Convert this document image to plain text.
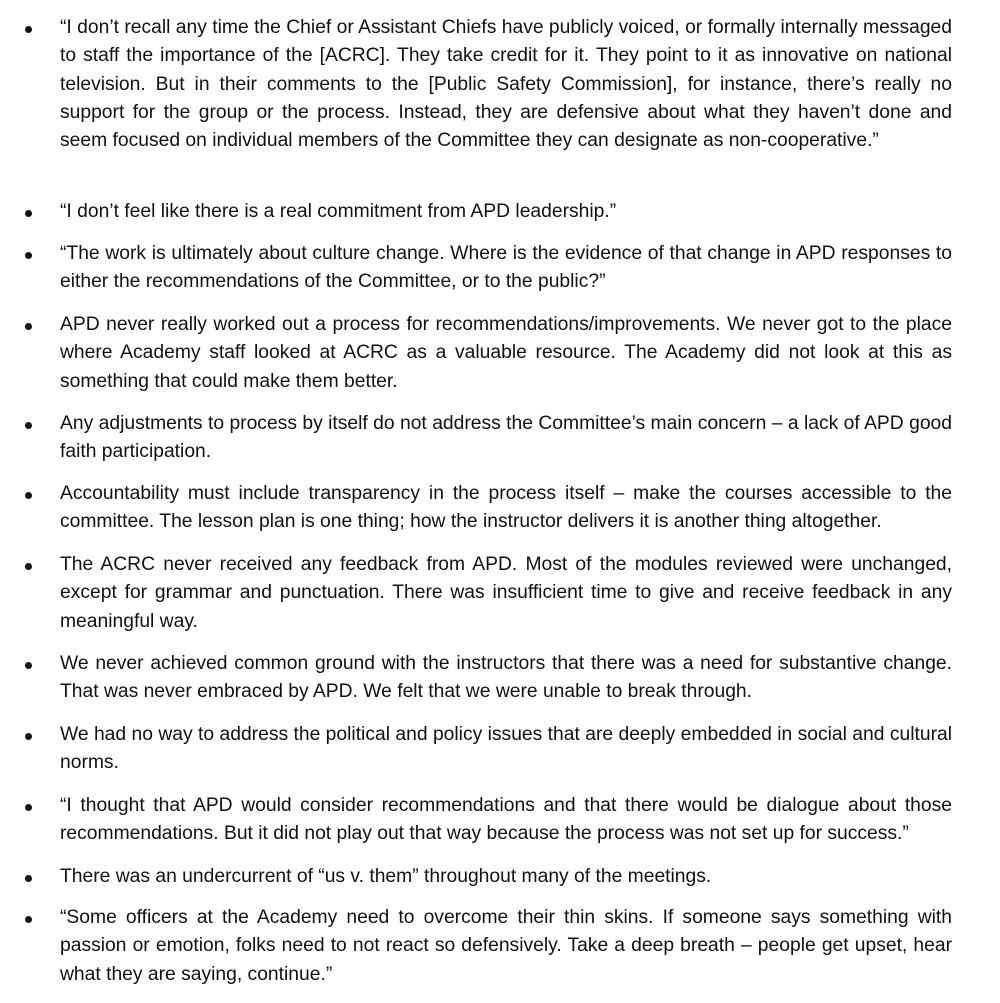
“I don’t recall any time the Chief or Assistant Chiefs have publicly voiced, or formally internally messaged to staff the importance of the [ACRC]. They take credit for it. They point to it as innovative on national television. But in their comments to the [Public Safety Commission], for instance, there’s really no support for the group or the process. Instead, they are defensive about what they haven’t done and seem focused on individual members of the Committee they can designate as non-cooperative.”

“I don’t feel like there is a real commitment from APD leadership.”

“The work is ultimately about culture change. Where is the evidence of that change in APD responses to either the recommendations of the Committee, or to the public?”

APD never really worked out a process for recommendations/improvements. We never got to the place where Academy staff looked at ACRC as a valuable resource. The Academy did not look at this as something that could make them better.

Any adjustments to process by itself do not address the Committee’s main concern – a lack of APD good faith participation.

Accountability must include transparency in the process itself – make the courses accessible to the committee. The lesson plan is one thing; how the instructor delivers it is another thing altogether.

The ACRC never received any feedback from APD. Most of the modules reviewed were unchanged, except for grammar and punctuation. There was insufficient time to give and receive feedback in any meaningful way.

We never achieved common ground with the instructors that there was a need for substantive change. That was never embraced by APD. We felt that we were unable to break through.

We had no way to address the political and policy issues that are deeply embedded in social and cultural norms.

“I thought that APD would consider recommendations and that there would be dialogue about those recommendations. But it did not play out that way because the process was not set up for success.”

There was an undercurrent of “us v. them” throughout many of the meetings.

“Some officers at the Academy need to overcome their thin skins. If someone says something with passion or emotion, folks need to not react so defensively. Take a deep breath – people get upset, hear what they are saying, continue.”
